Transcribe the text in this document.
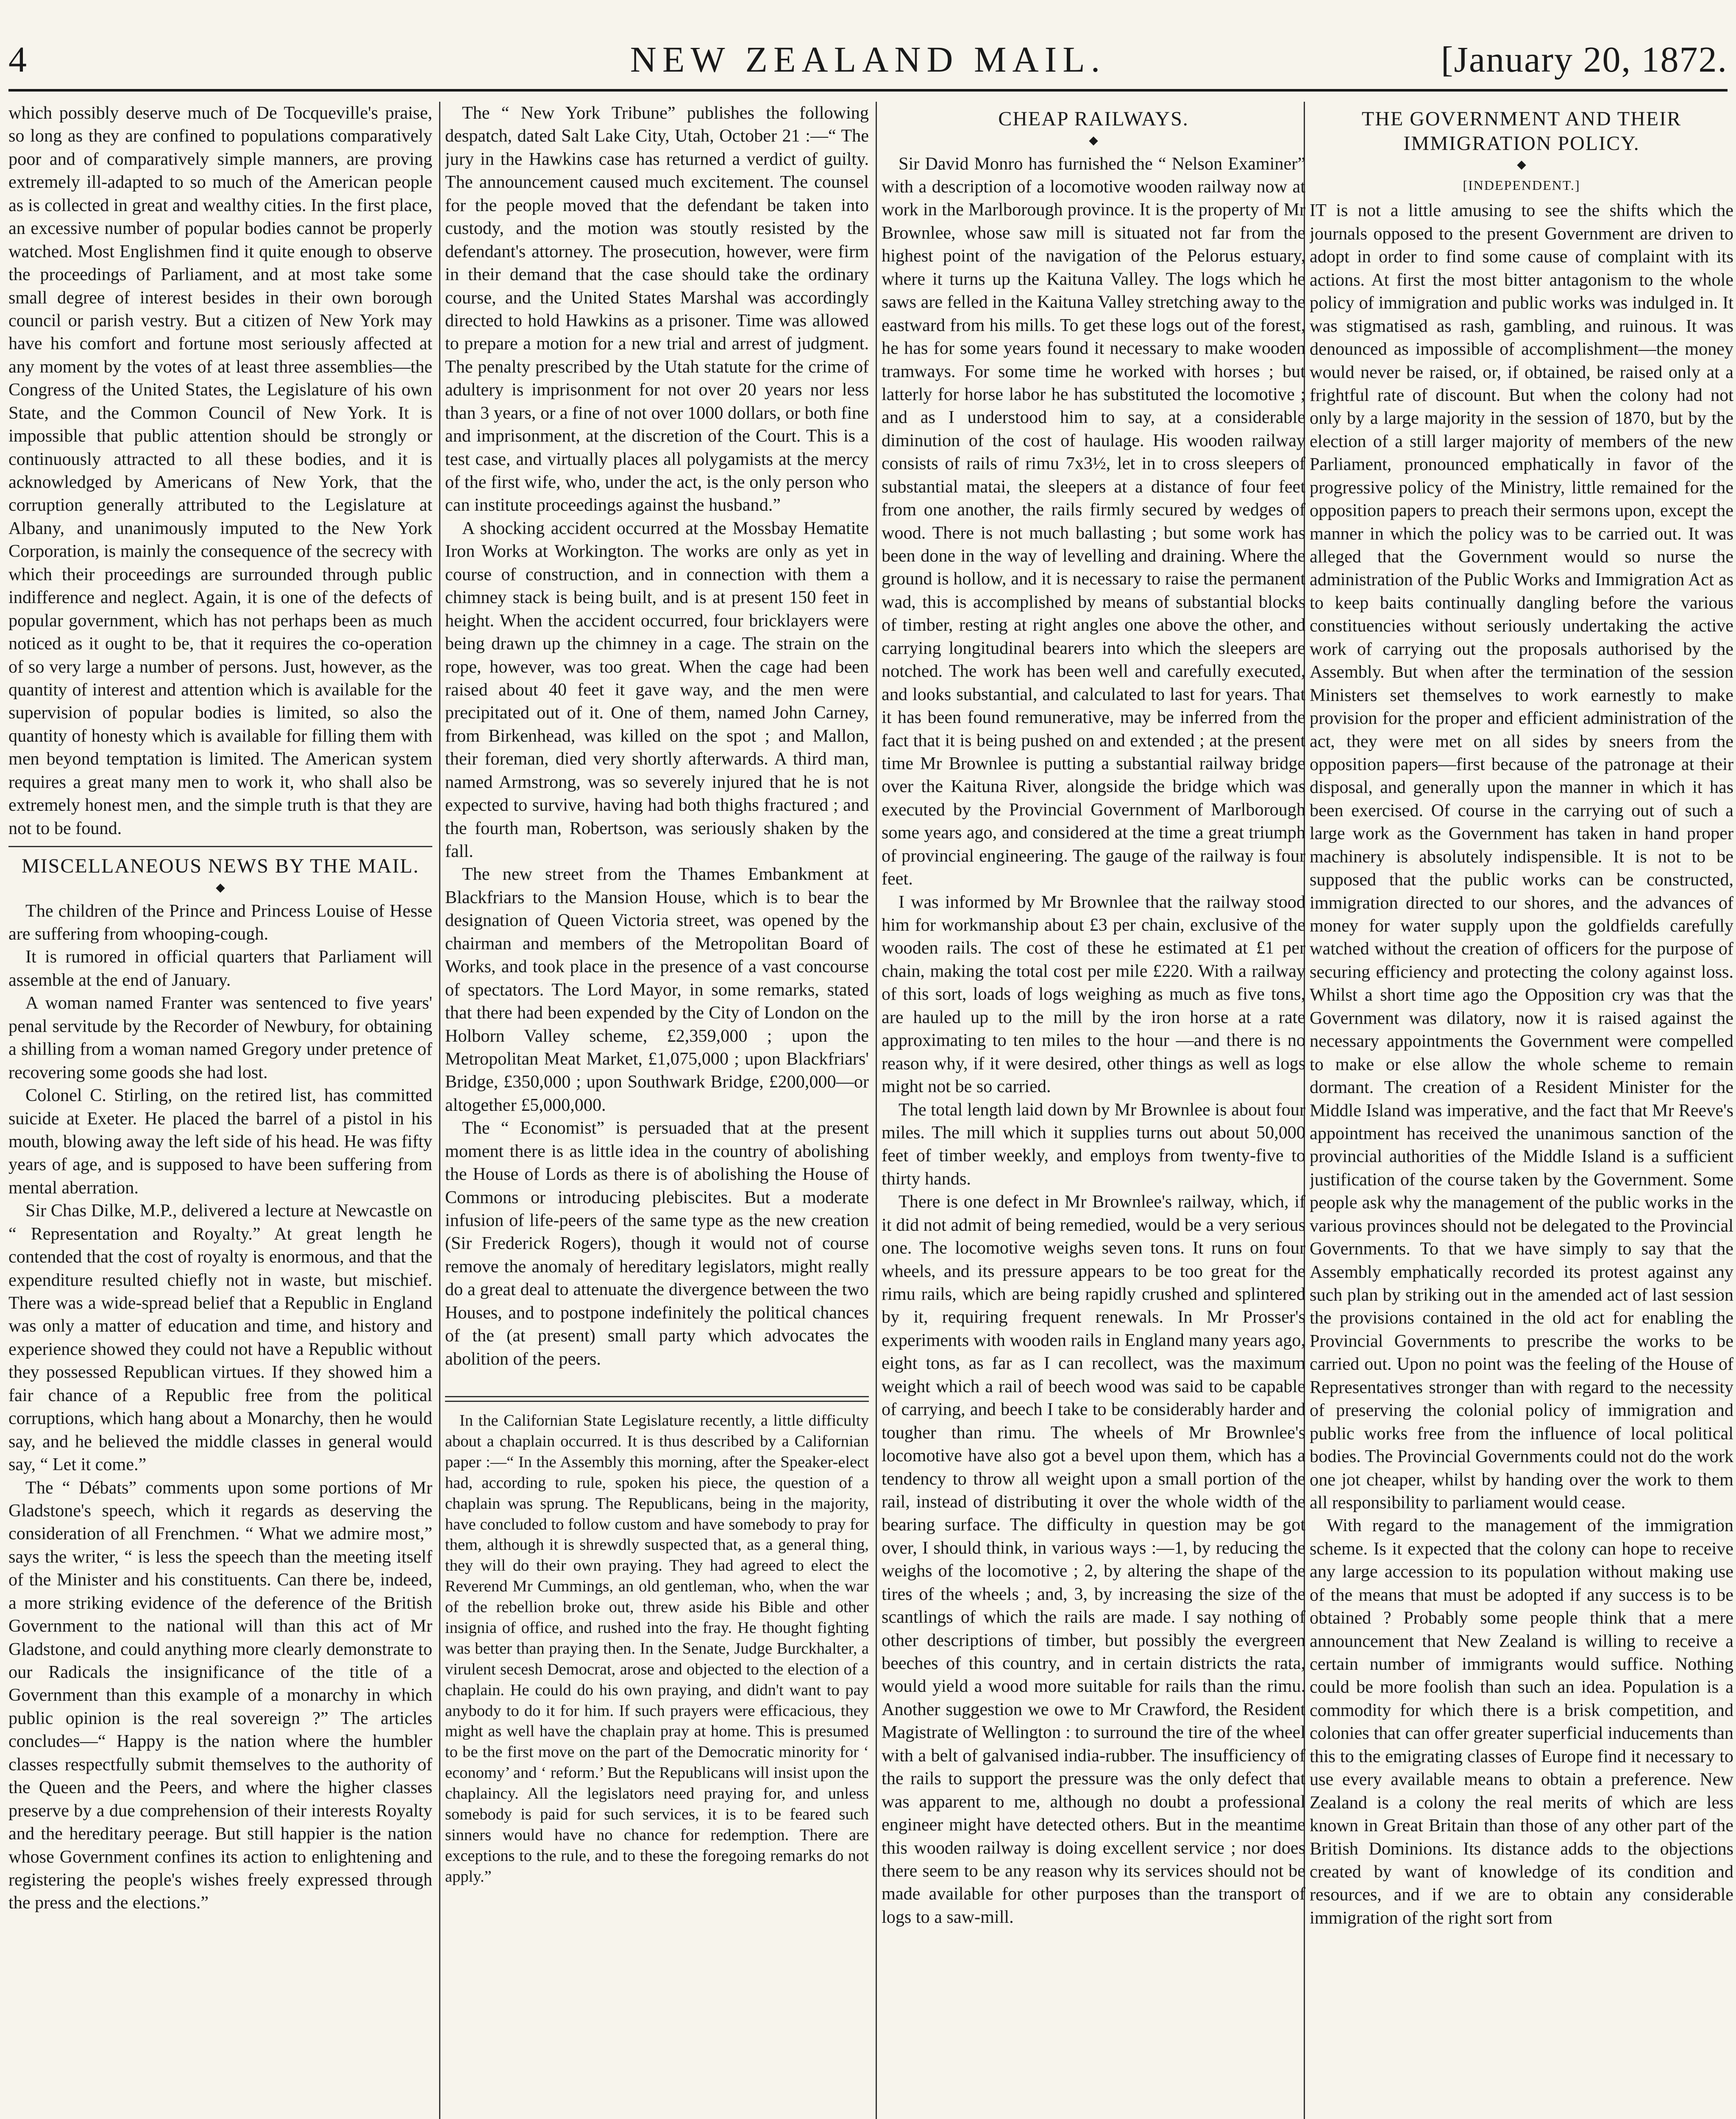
4	NEW ZEALAND MAIL.	[January 20, 1872.

which possibly deserve much of De Tocqueville's praise, so long as they are confined to populations comparatively poor and of comparatively simple manners, are proving extremely ill-adapted to so much of the American people as is collected in great and wealthy cities. In the first place, an excessive number of popular bodies cannot be properly watched. Most Englishmen find it quite enough to observe the proceedings of Parliament, and at most take some small degree of interest besides in their own borough council or parish vestry. But a citizen of New York may have his comfort and fortune most seriously affected at any moment by the votes of at least three assemblies—the Congress of the United States, the Legislature of his own State, and the Common Council of New York. It is impossible that public attention should be strongly or continuously attracted to all these bodies, and it is acknowledged by Americans of New York, that the corruption generally attributed to the Legislature at Albany, and unanimously imputed to the New York Corporation, is mainly the consequence of the secrecy with which their proceedings are surrounded through public indifference and neglect. Again, it is one of the defects of popular government, which has not perhaps been as much noticed as it ought to be, that it requires the co-operation of so very large a number of persons. Just, however, as the quantity of interest and attention which is available for the supervision of popular bodies is limited, so also the quantity of honesty which is available for filling them with men beyond temptation is limited. The American system requires a great many men to work it, who shall also be extremely honest men, and the simple truth is that they are not to be found.

MISCELLANEOUS NEWS BY THE MAIL.
◆

The children of the Prince and Princess Louise of Hesse are suffering from whooping-cough.

It is rumored in official quarters that Parliament will assemble at the end of January.

A woman named Franter was sentenced to five years' penal servitude by the Recorder of Newbury, for obtaining a shilling from a woman named Gregory under pretence of recovering some goods she had lost.

Colonel C. Stirling, on the retired list, has committed suicide at Exeter. He placed the barrel of a pistol in his mouth, blowing away the left side of his head. He was fifty years of age, and is supposed to have been suffering from mental aberration.

Sir Chas Dilke, M.P., delivered a lecture at Newcastle on “ Representation and Royalty.” At great length he contended that the cost of royalty is enormous, and that the expenditure resulted chiefly not in waste, but mischief. There was a wide-spread belief that a Republic in England was only a matter of education and time, and history and experience showed they could not have a Republic without they possessed Republican virtues. If they showed him a fair chance of a Republic free from the political corruptions, which hang about a Monarchy, then he would say, and he believed the middle classes in general would say, “ Let it come.”

The “ Débats” comments upon some portions of Mr Gladstone's speech, which it regards as deserving the consideration of all Frenchmen. “ What we admire most,” says the writer, “ is less the speech than the meeting itself of the Minister and his constituents. Can there be, indeed, a more striking evidence of the deference of the British Government to the national will than this act of Mr Gladstone, and could anything more clearly demonstrate to our Radicals the insignificance of the title of a Government than this example of a monarchy in which public opinion is the real sovereign ?” The articles concludes—“ Happy is the nation where the humbler classes respectfully submit themselves to the authority of the Queen and the Peers, and where the higher classes preserve by a due comprehension of their interests Royalty and the hereditary peerage. But still happier is the nation whose Government confines its action to enlightening and registering the people's wishes freely expressed through the press and the elections.”

The “ New York Tribune” publishes the following despatch, dated Salt Lake City, Utah, October 21 :—“ The jury in the Hawkins case has returned a verdict of guilty. The announcement caused much excitement. The counsel for the people moved that the defendant be taken into custody, and the motion was stoutly resisted by the defendant's attorney. The prosecution, however, were firm in their demand that the case should take the ordinary course, and the United States Marshal was accordingly directed to hold Hawkins as a prisoner. Time was allowed to prepare a motion for a new trial and arrest of judgment. The penalty prescribed by the Utah statute for the crime of adultery is imprisonment for not over 20 years nor less than 3 years, or a fine of not over 1000 dollars, or both fine and imprisonment, at the discretion of the Court. This is a test case, and virtually places all polygamists at the mercy of the first wife, who, under the act, is the only person who can institute proceedings against the husband.”

A shocking accident occurred at the Mossbay Hematite Iron Works at Workington. The works are only as yet in course of construction, and in connection with them a chimney stack is being built, and is at present 150 feet in height. When the accident occurred, four bricklayers were being drawn up the chimney in a cage. The strain on the rope, however, was too great. When the cage had been raised about 40 feet it gave way, and the men were precipitated out of it. One of them, named John Carney, from Birkenhead, was killed on the spot ; and Mallon, their foreman, died very shortly afterwards. A third man, named Armstrong, was so severely injured that he is not expected to survive, having had both thighs fractured ; and the fourth man, Robertson, was seriously shaken by the fall.

The new street from the Thames Embankment at Blackfriars to the Mansion House, which is to bear the designation of Queen Victoria street, was opened by the chairman and members of the Metropolitan Board of Works, and took place in the presence of a vast concourse of spectators. The Lord Mayor, in some remarks, stated that there had been expended by the City of London on the Holborn Valley scheme, £2,359,000 ; upon the Metropolitan Meat Market, £1,075,000 ; upon Blackfriars' Bridge, £350,000 ; upon Southwark Bridge, £200,000—or altogether £5,000,000.

The “ Economist” is persuaded that at the present moment there is as little idea in the country of abolishing the House of Lords as there is of abolishing the House of Commons or introducing plebiscites. But a moderate infusion of life-peers of the same type as the new creation (Sir Frederick Rogers), though it would not of course remove the anomaly of hereditary legislators, might really do a great deal to attenuate the divergence between the two Houses, and to postpone indefinitely the political chances of the (at present) small party which advocates the abolition of the peers.

In the Californian State Legislature recently, a little difficulty about a chaplain occurred. It is thus described by a Californian paper :—“ In the Assembly this morning, after the Speaker-elect had, according to rule, spoken his piece, the question of a chaplain was sprung. The Republicans, being in the majority, have concluded to follow custom and have somebody to pray for them, although it is shrewdly suspected that, as a general thing, they will do their own praying. They had agreed to elect the Reverend Mr Cummings, an old gentleman, who, when the war of the rebellion broke out, threw aside his Bible and other insignia of office, and rushed into the fray. He thought fighting was better than praying then. In the Senate, Judge Burckhalter, a virulent secesh Democrat, arose and objected to the election of a chaplain. He could do his own praying, and didn't want to pay anybody to do it for him. If such prayers were efficacious, they might as well have the chaplain pray at home. This is presumed to be the first move on the part of the Democratic minority for ‘ economy’ and ‘ reform.’ But the Republicans will insist upon the chaplaincy. All the legislators need praying for, and unless somebody is paid for such services, it is to be feared such sinners would have no chance for redemption. There are exceptions to the rule, and to these the foregoing remarks do not apply.”

CHEAP RAILWAYS.
◆

Sir David Monro has furnished the “ Nelson Examiner” with a description of a locomotive wooden railway now at work in the Marlborough province. It is the property of Mr Brownlee, whose saw mill is situated not far from the highest point of the navigation of the Pelorus estuary, where it turns up the Kaituna Valley. The logs which he saws are felled in the Kaituna Valley stretching away to the eastward from his mills. To get these logs out of the forest, he has for some years found it necessary to make wooden tramways. For some time he worked with horses ; but latterly for horse labor he has substituted the locomotive ; and as I understood him to say, at a considerable diminution of the cost of haulage. His wooden railway consists of rails of rimu 7x3½, let in to cross sleepers of substantial matai, the sleepers at a distance of four feet from one another, the rails firmly secured by wedges of wood. There is not much ballasting ; but some work has been done in the way of levelling and draining. Where the ground is hollow, and it is necessary to raise the permanent wad, this is accomplished by means of substantial blocks of timber, resting at right angles one above the other, and carrying longitudinal bearers into which the sleepers are notched. The work has been well and carefully executed, and looks substantial, and calculated to last for years. That it has been found remunerative, may be inferred from the fact that it is being pushed on and extended ; at the present time Mr Brownlee is putting a substantial railway bridge over the Kaituna River, alongside the bridge which was executed by the Provincial Government of Marlborough some years ago, and considered at the time a great triumph of provincial engineering. The gauge of the railway is four feet.

I was informed by Mr Brownlee that the railway stood him for workmanship about £3 per chain, exclusive of the wooden rails. The cost of these he estimated at £1 per chain, making the total cost per mile £220. With a railway of this sort, loads of logs weighing as much as five tons, are hauled up to the mill by the iron horse at a rate approximating to ten miles to the hour —and there is no reason why, if it were desired, other things as well as logs might not be so carried.

The total length laid down by Mr Brownlee is about four miles. The mill which it supplies turns out about 50,000 feet of timber weekly, and employs from twenty-five to thirty hands.

There is one defect in Mr Brownlee's railway, which, if it did not admit of being remedied, would be a very serious one. The locomotive weighs seven tons. It runs on four wheels, and its pressure appears to be too great for the rimu rails, which are being rapidly crushed and splintered by it, requiring frequent renewals. In Mr Prosser's experiments with wooden rails in England many years ago, eight tons, as far as I can recollect, was the maximum weight which a rail of beech wood was said to be capable of carrying, and beech I take to be considerably harder and tougher than rimu. The wheels of Mr Brownlee's locomotive have also got a bevel upon them, which has a tendency to throw all weight upon a small portion of the rail, instead of distributing it over the whole width of the bearing surface. The difficulty in question may be got over, I should think, in various ways :—1, by reducing the weighs of the locomotive ; 2, by altering the shape of the tires of the wheels ; and, 3, by increasing the size of the scantlings of which the rails are made. I say nothing of other descriptions of timber, but possibly the evergreen beeches of this country, and in certain districts the rata, would yield a wood more suitable for rails than the rimu. Another suggestion we owe to Mr Crawford, the Resident Magistrate of Wellington : to surround the tire of the wheel with a belt of galvanised india-rubber. The insufficiency of the rails to support the pressure was the only defect that was apparent to me, although no doubt a professional engineer might have detected others. But in the meantime this wooden railway is doing excellent service ; nor does there seem to be any reason why its services should not be made available for other purposes than the transport of logs to a saw-mill.

THE GOVERNMENT AND THEIR IMMIGRATION POLICY.
◆
[INDEPENDENT.]

IT is not a little amusing to see the shifts which the journals opposed to the present Government are driven to adopt in order to find some cause of complaint with its actions. At first the most bitter antagonism to the whole policy of immigration and public works was indulged in. It was stigmatised as rash, gambling, and ruinous. It was denounced as impossible of accomplishment—the money would never be raised, or, if obtained, be raised only at a frightful rate of discount. But when the colony had not only by a large majority in the session of 1870, but by the election of a still larger majority of members of the new Parliament, pronounced emphatically in favor of the progressive policy of the Ministry, little remained for the opposition papers to preach their sermons upon, except the manner in which the policy was to be carried out. It was alleged that the Government would so nurse the administration of the Public Works and Immigration Act as to keep baits continually dangling before the various constituencies without seriously undertaking the active work of carrying out the proposals authorised by the Assembly. But when after the termination of the session Ministers set themselves to work earnestly to make provision for the proper and efficient administration of the act, they were met on all sides by sneers from the opposition papers—first because of the patronage at their disposal, and generally upon the manner in which it has been exercised. Of course in the carrying out of such a large work as the Government has taken in hand proper machinery is absolutely indispensible. It is not to be supposed that the public works can be constructed, immigration directed to our shores, and the advances of money for water supply upon the goldfields carefully watched without the creation of officers for the purpose of securing efficiency and protecting the colony against loss. Whilst a short time ago the Opposition cry was that the Government was dilatory, now it is raised against the necessary appointments the Government were compelled to make or else allow the whole scheme to remain dormant. The creation of a Resident Minister for the Middle Island was imperative, and the fact that Mr Reeve's appointment has received the unanimous sanction of the provincial authorities of the Middle Island is a sufficient justification of the course taken by the Government. Some people ask why the management of the public works in the various provinces should not be delegated to the Provincial Governments. To that we have simply to say that the Assembly emphatically recorded its protest against any such plan by striking out in the amended act of last session the provisions contained in the old act for enabling the Provincial Governments to prescribe the works to be carried out. Upon no point was the feeling of the House of Representatives stronger than with regard to the necessity of preserving the colonial policy of immigration and public works free from the influence of local political bodies. The Provincial Governments could not do the work one jot cheaper, whilst by handing over the work to them all responsibility to parliament would cease.

With regard to the management of the immigration scheme. Is it expected that the colony can hope to receive any large accession to its population without making use of the means that must be adopted if any success is to be obtained ? Probably some people think that a mere announcement that New Zealand is willing to receive a certain number of immigrants would suffice. Nothing could be more foolish than such an idea. Population is a commodity for which there is a brisk competition, and colonies that can offer greater superficial inducements than this to the emigrating classes of Europe find it necessary to use every available means to obtain a preference. New Zealand is a colony the real merits of which are less known in Great Britain than those of any other part of the British Dominions. Its distance adds to the objections created by want of knowledge of its condition and resources, and if we are to obtain any considerable immigration of the right sort from
